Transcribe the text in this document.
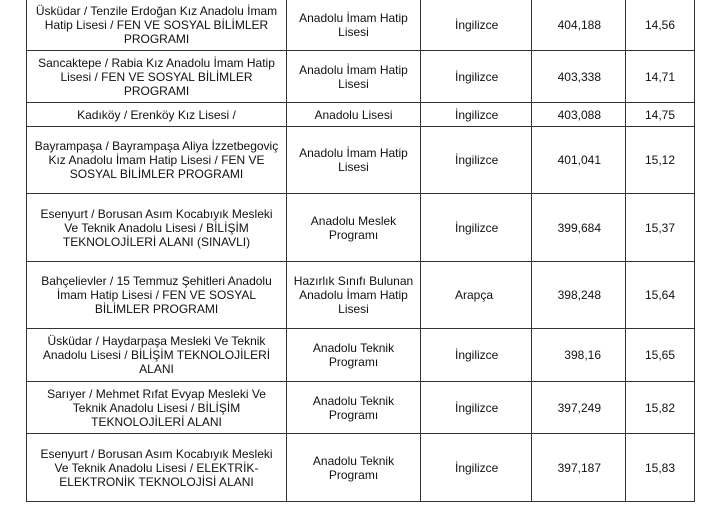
Üsküdar / Tenzile Erdoğan Kız Anadolu İmam Hatip Lisesi / FEN VE SOSYAL BİLİMLER PROGRAMI	Anadolu İmam Hatip Lisesi	İngilizce	404,188	14,56
Sancaktepe / Rabia Kız Anadolu İmam Hatip Lisesi / FEN VE SOSYAL BİLİMLER PROGRAMI	Anadolu İmam Hatip Lisesi	İngilizce	403,338	14,71
Kadıköy / Erenköy Kız Lisesi /	Anadolu Lisesi	İngilizce	403,088	14,75
Bayrampaşa / Bayrampaşa Aliya İzzetbegoviç Kız Anadolu İmam Hatip Lisesi / FEN VE SOSYAL BİLİMLER PROGRAMI	Anadolu İmam Hatip Lisesi	İngilizce	401,041	15,12
Esenyurt / Borusan Asım Kocabıyık Mesleki Ve Teknik Anadolu Lisesi / BİLİŞİM TEKNOLOJİLERİ ALANI (SINAVLI)	Anadolu Meslek Programı	İngilizce	399,684	15,37
Bahçelievler / 15 Temmuz Şehitleri Anadolu İmam Hatip Lisesi / FEN VE SOSYAL BİLİMLER PROGRAMI	Hazırlık Sınıfı Bulunan Anadolu İmam Hatip Lisesi	Arapça	398,248	15,64
Üsküdar / Haydarpaşa Mesleki Ve Teknik Anadolu Lisesi / BİLİŞİM TEKNOLOJİLERİ ALANI	Anadolu Teknik Programı	İngilizce	398,16	15,65
Sarıyer / Mehmet Rıfat Evyap Mesleki Ve Teknik Anadolu Lisesi / BİLİŞİM TEKNOLOJİLERİ ALANI	Anadolu Teknik Programı	İngilizce	397,249	15,82
Esenyurt / Borusan Asım Kocabıyık Mesleki Ve Teknik Anadolu Lisesi / ELEKTRİK-ELEKTRONİK TEKNOLOJİSİ ALANI	Anadolu Teknik Programı	İngilizce	397,187	15,83
